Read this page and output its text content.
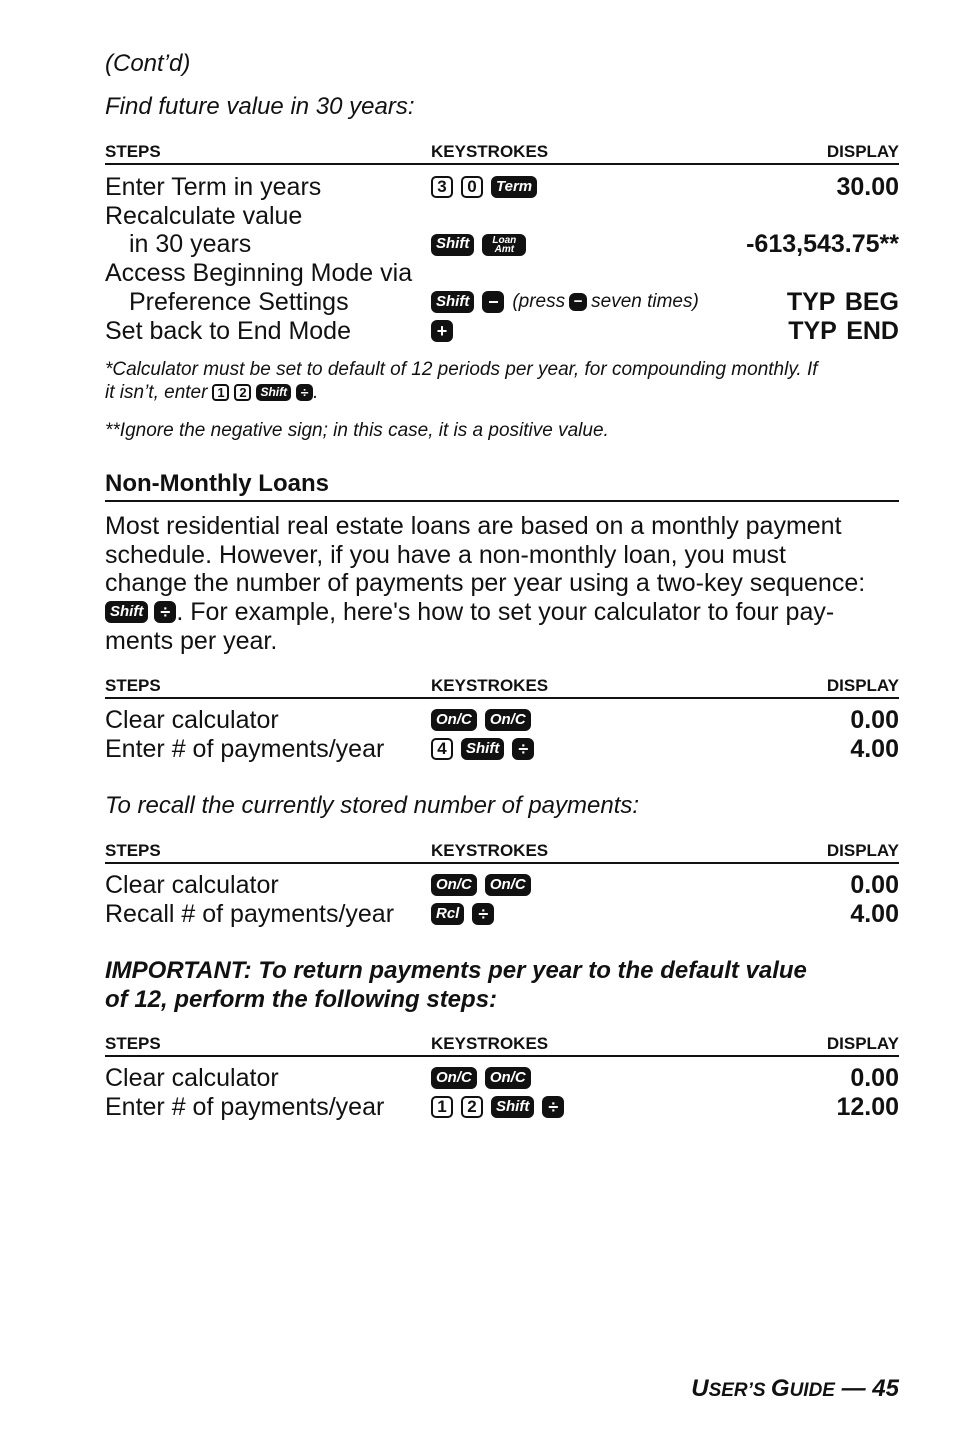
(Cont’d)
Find future value in 30 years:
STEPS	KEYSTROKES	DISPLAY
Enter Term in years	3	0	Term	30.00
Recalculate value
in 30 years	Shift	Loan Amt	-613,543.75**
Access Beginning Mode via
Preference Settings	Shift	− (press − seven times)	TYP BEG
Set back to End Mode	+	TYP END
*Calculator must be set to default of 12 periods per year, for compounding monthly. If
it isn’t, enter 1	2	Shift ÷ .
**Ignore the negative sign; in this case, it is a positive value.
Non-Monthly Loans
Most residential real estate loans are based on a monthly payment
schedule. However, if you have a non-monthly loan, you must
change the number of payments per year using a two-key sequence:
Shift ÷ . For example, here's how to set your calculator to four pay-
ments per year.
STEPS	KEYSTROKES	DISPLAY
Clear calculator	On/C	On/C	0.00
Enter # of payments/year	4	Shift	÷	4.00
To recall the currently stored number of payments:
STEPS	KEYSTROKES	DISPLAY
Clear calculator	On/C	On/C	0.00
Recall # of payments/year	Rcl	÷	4.00
IMPORTANT: To return payments per year to the default value
of 12, perform the following steps:
STEPS	KEYSTROKES	DISPLAY
Clear calculator	On/C	On/C	0.00
Enter # of payments/year	1	2	Shift	÷	12.00
USER’S GUIDE — 45
